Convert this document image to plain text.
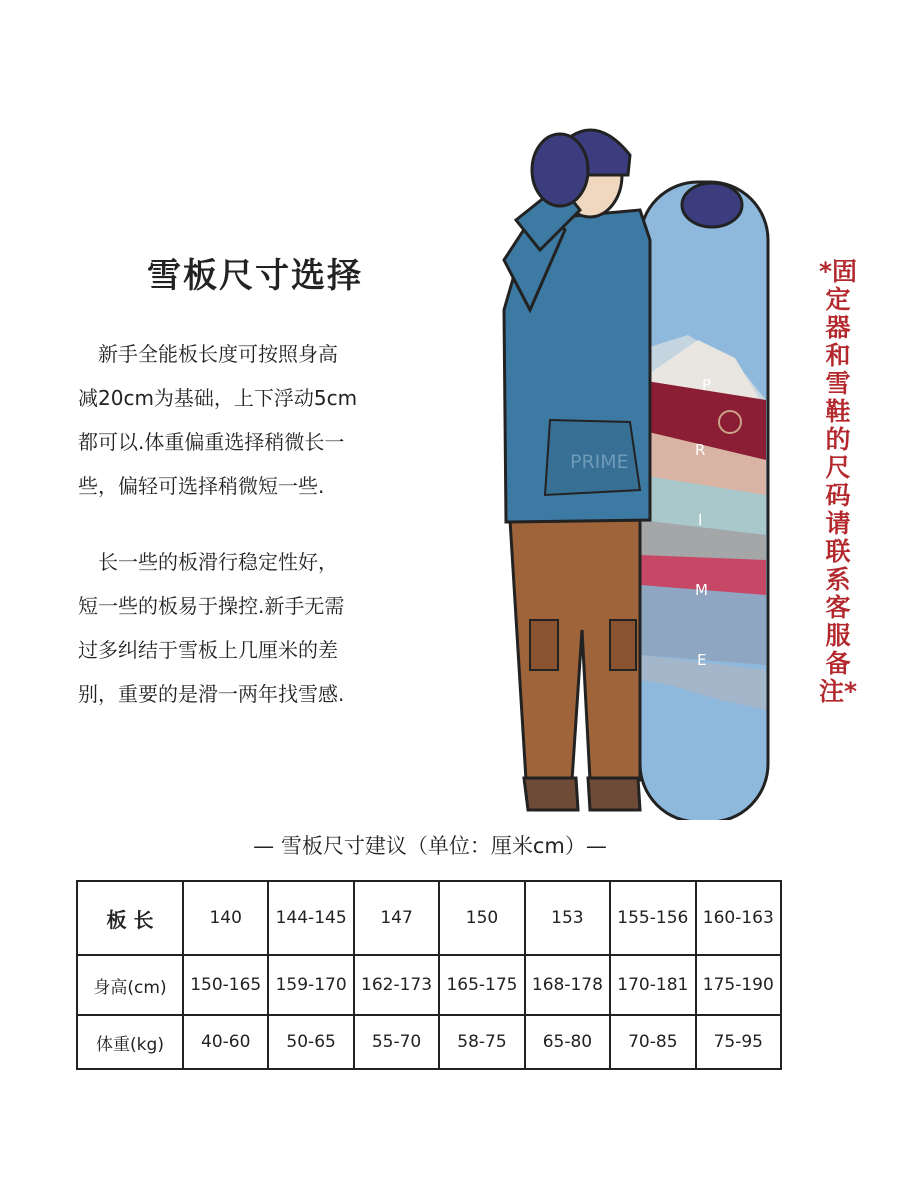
雪板尺寸选择
　新手全能板长度可按照身高
减20cm为基础，上下浮动5cm
都可以.体重偏重选择稍微长一
些，偏轻可选择稍微短一些.
　长一些的板滑行稳定性好，
短一些的板易于操控.新手无需
过多纠结于雪板上几厘米的差
别，重要的是滑一两年找雪感.
*固定器和雪鞋的尺码请联系客服备注*
P
R
I
M
E
PRIME
— 雪板尺寸建议（单位：厘米cm）—
板 长	140	144-145	147	150	153	155-156	160-163
身高(cm)	150-165	159-170	162-173	165-175	168-178	170-181	175-190
体重(kg)	40-60	50-65	55-70	58-75	65-80	70-85	75-95
